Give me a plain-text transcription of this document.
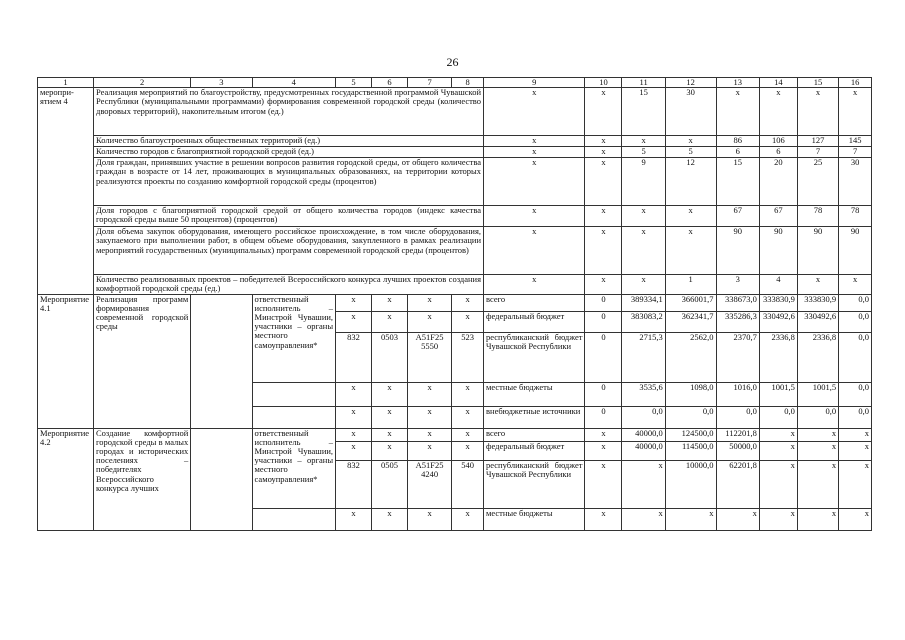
26
1	2	3	4	5	6	7	8	9	10	11	12	13	14	15	16
меропри-ятием 4	Реализация мероприятий по благоустройству, предусмотренных государственной программой Чувашской Республики (муниципальными программами) формирования современной городской среды (количество дворовых территорий), накопительным итогом (ед.)							x	x	15	30	x	x	x	x
	Количество благоустроенных общественных территорий (ед.)							x	x	x	x	86	106	127	145
	Количество городов с благоприятной городской средой (ед.)							x	x	5	5	6	6	7	7
	Доля граждан, принявших участие в решении вопросов развития городской среды, от общего количества граждан в возрасте от 14 лет, проживающих в муниципальных образованиях, на территории которых реализуются проекты по созданию комфортной городской среды (процентов)							x	x	9	12	15	20	25	30
	Доля городов с благоприятной городской средой от общего количества городов (индекс качества городской среды выше 50 процентов) (процентов)							x	x	x	x	67	67	78	78
	Доля объема закупок оборудования, имеющего российское происхождение, в том числе оборудования, закупаемого при выполнении работ, в общем объеме оборудования, закупленного в рамках реализации мероприятий государственных (муниципальных) программ современной городской среды (процентов)							x	x	x	x	90	90	90	90
	Количество реализованных проектов – победителей Всероссийского конкурса лучших проектов создания комфортной городской среды (ед.)							x	x	x	1	3	4	x	x
Мероприятие 4.1	Реализация программ формирования современной городской среды		ответственный исполнитель – Минстрой Чувашии, участники – органы местного самоуправления*	x	x	x	x	всего	0	389334,1	366001,7	338673,0	333830,9	333830,9	0,0
				x	x	x	x	федеральный бюджет	0	383083,2	362341,7	335286,3	330492,6	330492,6	0,0
				832	0503	A51F25 5550	523	республиканский бюджет Чувашской Республики	0	2715,3	2562,0	2370,7	2336,8	2336,8	0,0
				x	x	x	x	местные бюджеты	0	3535,6	1098,0	1016,0	1001,5	1001,5	0,0
				x	x	x	x	внебюджетные источники	0	0,0	0,0	0,0	0,0	0,0	0,0
Мероприятие 4.2	Создание комфортной городской среды в малых городах и исторических поселениях – победителях Всероссийского конкурса лучших		ответственный исполнитель – Минстрой Чувашии, участники – органы местного самоуправления*	x	x	x	x	всего	x	40000,0	124500,0	112201,8	x	x	x
				x	x	x	x	федеральный бюджет	x	40000,0	114500,0	50000,0	x	x	x
				832	0505	A51F25 4240	540	республиканский бюджет Чувашской Республики	x	x	10000,0	62201,8	x	x	x
				x	x	x	x	местные бюджеты	x	x	x	x	x	x	x
